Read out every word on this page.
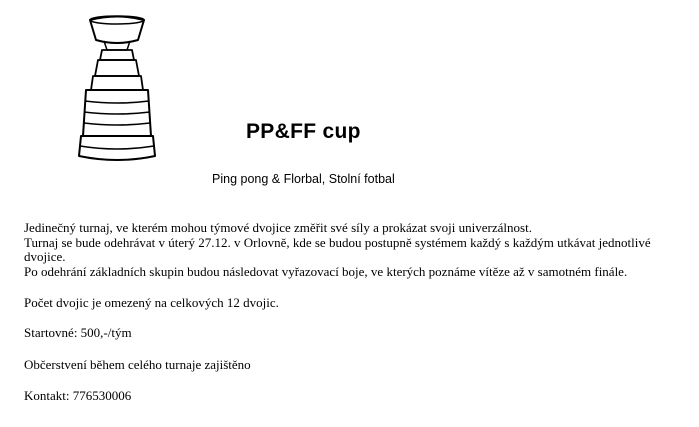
PP&FF cup
Ping pong & Florbal, Stolní fotbal

Jedinečný turnaj, ve kterém mohou týmové dvojice změřit své síly a prokázat svoji univerzálnost.

Turnaj se bude odehrávat v úterý 27.12. v Orlovně, kde se budou postupně systémem každý s každým utkávat jednotlivé

dvojice.

Po odehrání základních skupin budou následovat vyřazovací boje, ve kterých poznáme vítěze až v samotném finále.

Počet dvojic je omezený na celkových 12 dvojic.
Startovné: 500,-/tým
Občerstvení během celého turnaje zajištěno
Kontakt: 776530006
